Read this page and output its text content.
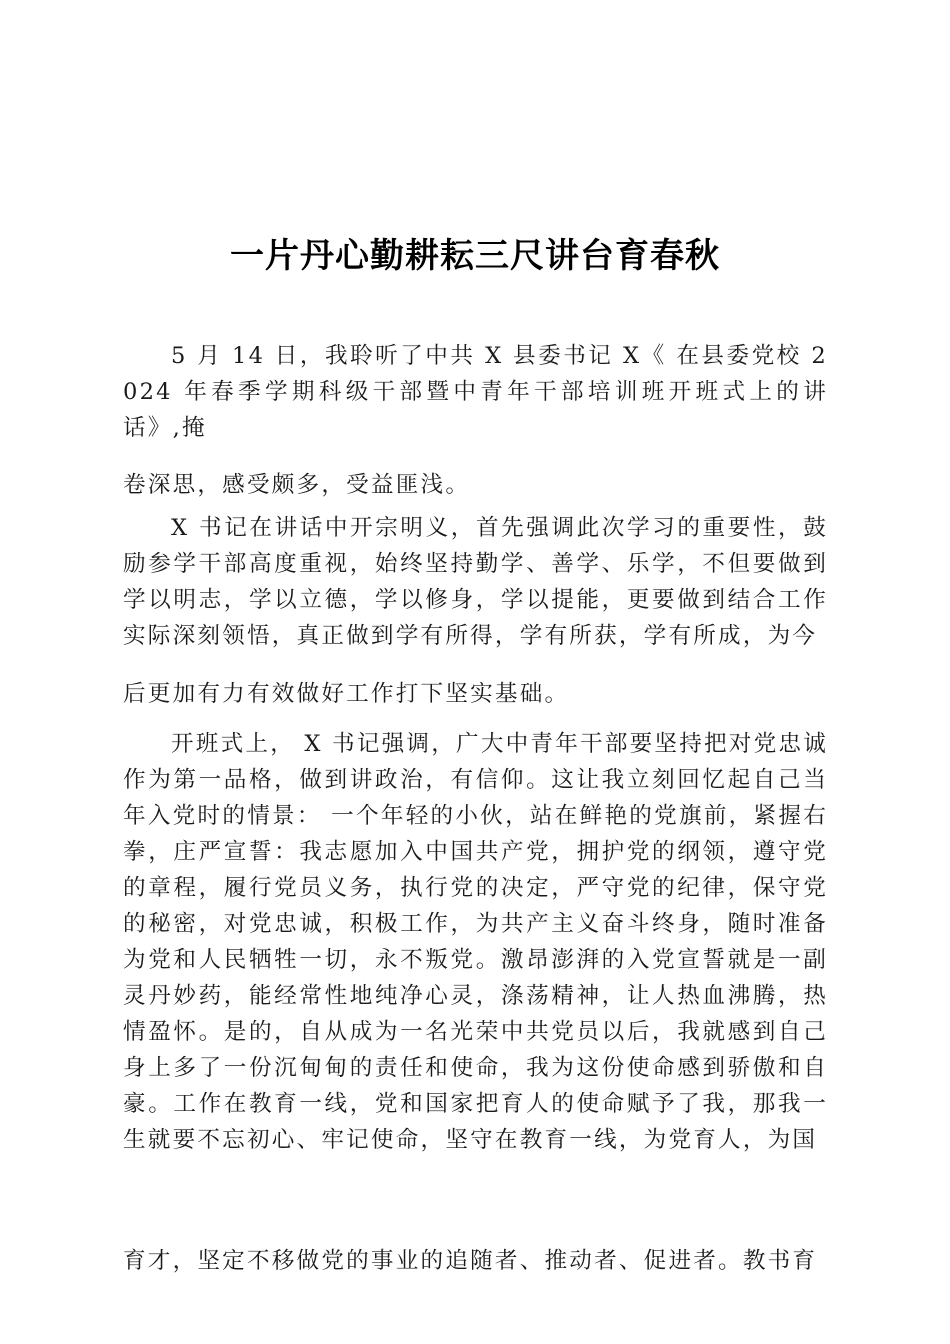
一片丹心勤耕耘三尺讲台育春秋

5 月 14 日，我聆听了中共 X 县委书记 X《 在县委党校 2024 年春季学期科级干部暨中青年干部培训班开班式上的讲话》,掩

卷深思，感受颇多，受益匪浅。

X 书记在讲话中开宗明义，首先强调此次学习的重要性，鼓励参学干部高度重视，始终坚持勤学、善学、乐学，不但要做到学以明志，学以立德，学以修身，学以提能，更要做到结合工作实际深刻领悟，真正做到学有所得，学有所获，学有所成，为今

后更加有力有效做好工作打下坚实基础。

开班式上， X 书记强调，广大中青年干部要坚持把对党忠诚 作为第一品格，做到讲政治，有信仰。这让我立刻回忆起自己当 年入党时的情景： 一个年轻的小伙，站在鲜艳的党旗前，紧握右 拳，庄严宣誓：我志愿加入中国共产党，拥护党的纲领，遵守党 的章程，履行党员义务，执行党的决定，严守党的纪律，保守党 的秘密，对党忠诚，积极工作，为共产主义奋斗终身，随时准备 为党和人民牺牲一切，永不叛党。激昂澎湃的入党宣誓就是一副 灵丹妙药，能经常性地纯净心灵，涤荡精神，让人热血沸腾，热 情盈怀。是的，自从成为一名光荣中共党员以后，我就感到自己 身上多了一份沉甸甸的责任和使命，我为这份使命感到骄傲和自 豪。工作在教育一线，党和国家把育人的使命赋予了我，那我一 生就要不忘初心、牢记使命，坚守在教育一线，为党育人，为国

育才，坚定不移做党的事业的追随者、推动者、促进者。教书育
